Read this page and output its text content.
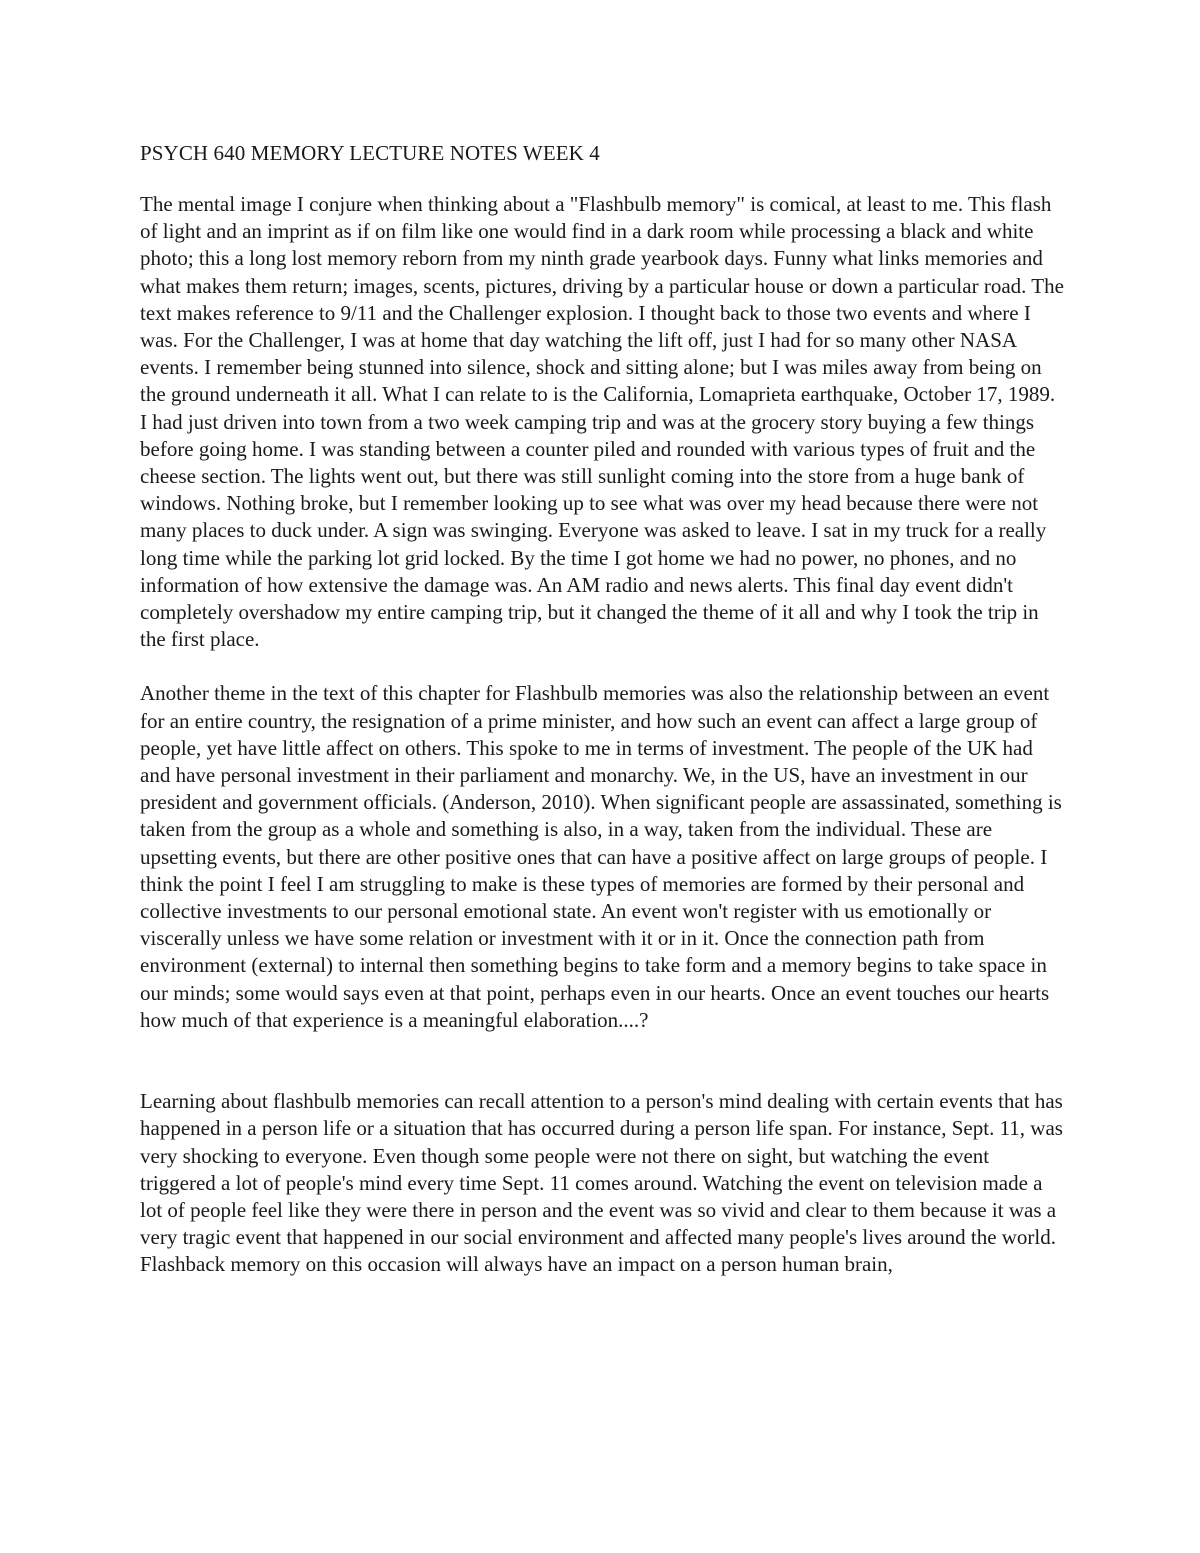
PSYCH 640 MEMORY LECTURE NOTES WEEK 4

The mental image I conjure when thinking about a "Flashbulb memory" is comical, at least to me. This flash of light and an imprint as if on film like one would find in a dark room while processing a black and white photo; this a long lost memory reborn from my ninth grade yearbook days. Funny what links memories and what makes them return; images, scents, pictures, driving by a particular house or down a particular road. The text makes reference to 9/11 and the Challenger explosion. I thought back to those two events and where I was. For the Challenger, I was at home that day watching the lift off, just I had for so many other NASA events. I remember being stunned into silence, shock and sitting alone; but I was miles away from being on the ground underneath it all. What I can relate to is the California, Lomaprieta earthquake, October 17, 1989. I had just driven into town from a two week camping trip and was at the grocery story buying a few things before going home. I was standing between a counter piled and rounded with various types of fruit and the cheese section. The lights went out, but there was still sunlight coming into the store from a huge bank of windows. Nothing broke, but I remember looking up to see what was over my head because there were not many places to duck under. A sign was swinging. Everyone was asked to leave. I sat in my truck for a really long time while the parking lot grid locked. By the time I got home we had no power, no phones, and no information of how extensive the damage was. An AM radio and news alerts. This final day event didn't completely overshadow my entire camping trip, but it changed the theme of it all and why I took the trip in the first place.

Another theme in the text of this chapter for Flashbulb memories was also the relationship between an event for an entire country, the resignation of a prime minister, and how such an event can affect a large group of people, yet have little affect on others. This spoke to me in terms of investment. The people of the UK had and have personal investment in their parliament and monarchy. We, in the US, have an investment in our president and government officials. (Anderson, 2010). When significant people are assassinated, something is taken from the group as a whole and something is also, in a way, taken from the individual. These are upsetting events, but there are other positive ones that can have a positive affect on large groups of people. I think the point I feel I am struggling to make is these types of memories are formed by their personal and collective investments to our personal emotional state. An event won't register with us emotionally or viscerally unless we have some relation or investment with it or in it. Once the connection path from environment (external) to internal then something begins to take form and a memory begins to take space in our minds; some would says even at that point, perhaps even in our hearts. Once an event touches our hearts how much of that experience is a meaningful elaboration....?

Learning about flashbulb memories can recall attention to a person's mind dealing with certain events that has happened in a person life or a situation that has occurred during a person life span. For instance, Sept. 11, was very shocking to everyone. Even though some people were not there on sight, but watching the event triggered a lot of people's mind every time Sept. 11 comes around. Watching the event on television made a lot of people feel like they were there in person and the event was so vivid and clear to them because it was a very tragic event that happened in our social environment and affected many people's lives around the world. Flashback memory on this occasion will always have an impact on a person human brain,
